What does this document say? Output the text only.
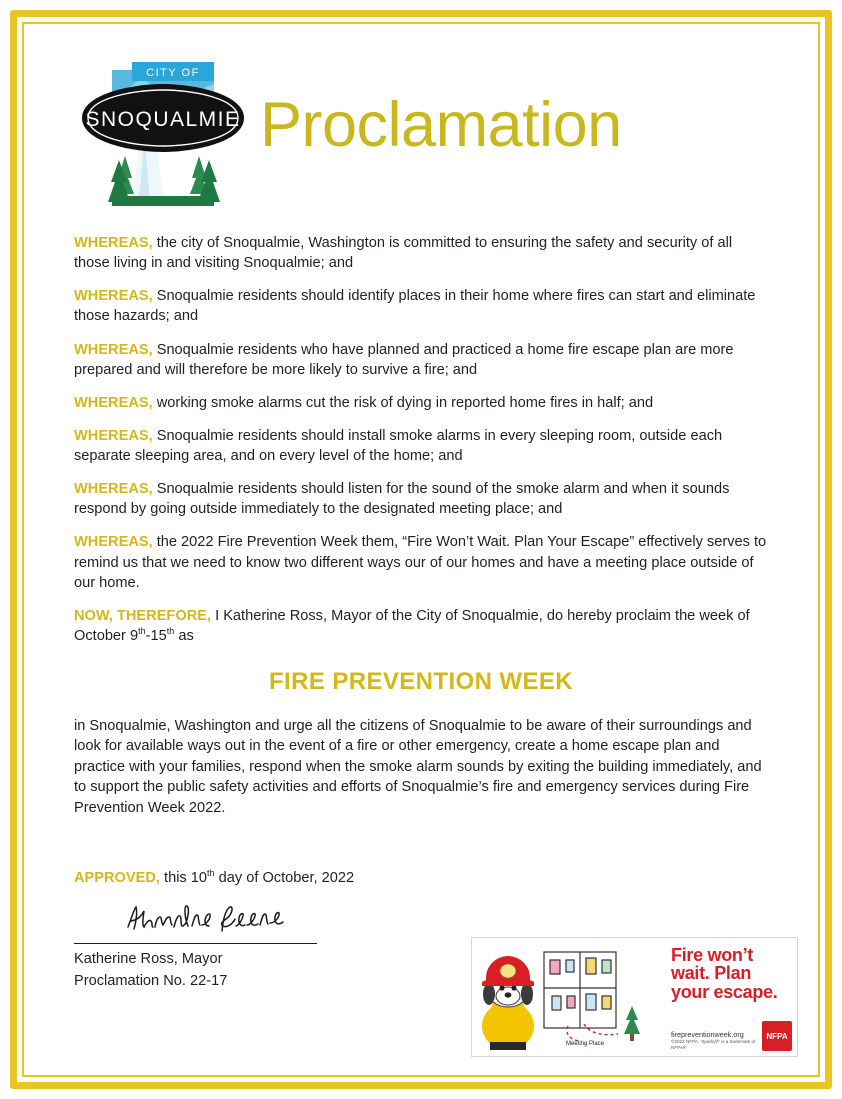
CITY OF
SNOQUALMIE Proclamation

WHEREAS, the city of Snoqualmie, Washington is committed to ensuring the safety and security of all those living in and visiting Snoqualmie; and

WHEREAS, Snoqualmie residents should identify places in their home where fires can start and eliminate those hazards; and

WHEREAS, Snoqualmie residents who have planned and practiced a home fire escape plan are more prepared and will therefore be more likely to survive a fire; and

WHEREAS, working smoke alarms cut the risk of dying in reported home fires in half; and

WHEREAS, Snoqualmie residents should install smoke alarms in every sleeping room, outside each separate sleeping area, and on every level of the home; and

WHEREAS, Snoqualmie residents should listen for the sound of the smoke alarm and when it sounds respond by going outside immediately to the designated meeting place; and

WHEREAS, the 2022 Fire Prevention Week them, “Fire Won’t Wait. Plan Your Escape” effectively serves to remind us that we need to know two different ways our of our homes and have a meeting place outside of our home.

NOW, THEREFORE, I Katherine Ross, Mayor of the City of Snoqualmie, do hereby proclaim the week of October 9th-15th as

FIRE PREVENTION WEEK

in Snoqualmie, Washington and urge all the citizens of Snoqualmie to be aware of their surroundings and look for available ways out in the event of a fire or other emergency, create a home escape plan and practice with your families, respond when the smoke alarm sounds by exiting the building immediately, and to support the public safety activities and efforts of Snoqualmie’s fire and emergency services during Fire Prevention Week 2022.

APPROVED, this 10th day of October, 2022

Katherine Ross, Mayor
Proclamation No. 22-17
Meeting Place
Fire won’t
wait. Plan
your escape.
firepreventionweek.org
©2022 NFPA. ‘Sparky®’ is a trademark of NFPA®
NFPA
